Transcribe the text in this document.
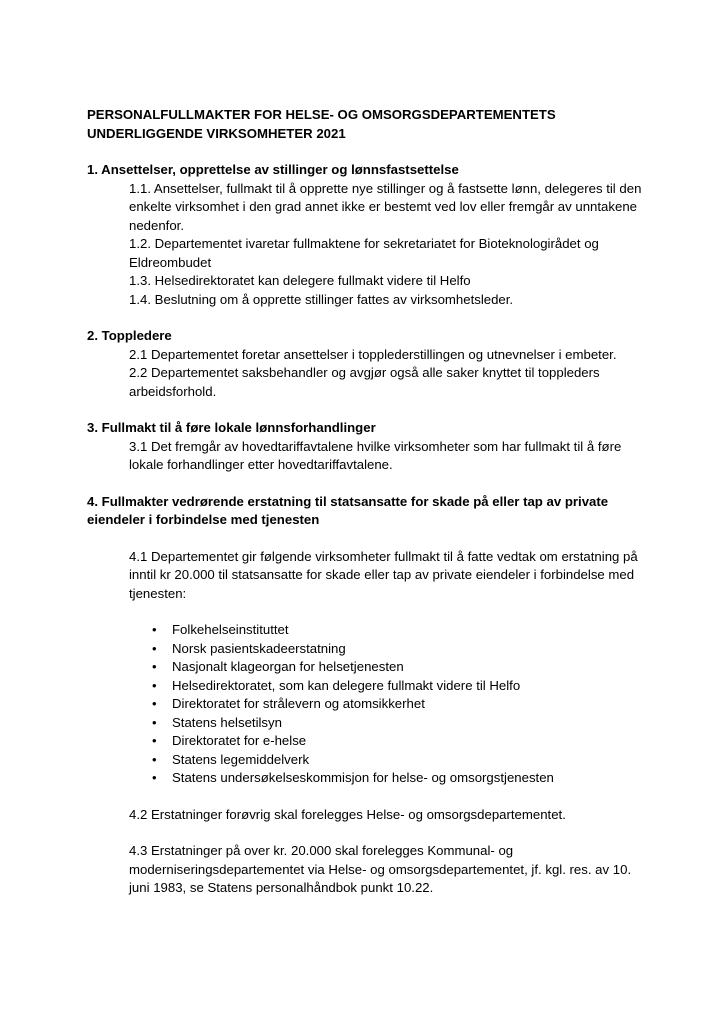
PERSONALFULLMAKTER FOR HELSE- OG OMSORGSDEPARTEMENTETS
UNDERLIGGENDE VIRKSOMHETER 2021

1. Ansettelser, opprettelse av stillinger og lønnsfastsettelse

1.1. Ansettelser, fullmakt til å opprette nye stillinger og å fastsette lønn, delegeres til den enkelte virksomhet i den grad annet ikke er bestemt ved lov eller fremgår av unntakene nedenfor.

1.2. Departementet ivaretar fullmaktene for sekretariatet for Bioteknologirådet og Eldreombudet

1.3. Helsedirektoratet kan delegere fullmakt videre til Helfo

1.4. Beslutning om å opprette stillinger fattes av virksomhetsleder.

2. Toppledere

2.1 Departementet foretar ansettelser i topplederstillingen og utnevnelser i embeter.

2.2 Departementet saksbehandler og avgjør også alle saker knyttet til toppleders arbeidsforhold.

3. Fullmakt til å føre lokale lønnsforhandlinger

3.1 Det fremgår av hovedtariffavtalene hvilke virksomheter som har fullmakt til å føre lokale forhandlinger etter hovedtariffavtalene.

4. Fullmakter vedrørende erstatning til statsansatte for skade på eller tap av private eiendeler i forbindelse med tjenesten

4.1 Departementet gir følgende virksomheter fullmakt til å fatte vedtak om erstatning på inntil kr 20.000 til statsansatte for skade eller tap av private eiendeler i forbindelse med tjenesten:

• Folkehelseinstituttet
• Norsk pasientskadeerstatning
• Nasjonalt klageorgan for helsetjenesten
• Helsedirektoratet, som kan delegere fullmakt videre til Helfo
• Direktoratet for strålevern og atomsikkerhet
• Statens helsetilsyn
• Direktoratet for e-helse
• Statens legemiddelverk
• Statens undersøkelseskommisjon for helse- og omsorgstjenesten

4.2 Erstatninger forøvrig skal forelegges Helse- og omsorgsdepartementet.

4.3 Erstatninger på over kr. 20.000 skal forelegges Kommunal- og moderniseringsdepartementet via Helse- og omsorgsdepartementet, jf. kgl. res. av 10. juni 1983, se Statens personalhåndbok punkt 10.22.
